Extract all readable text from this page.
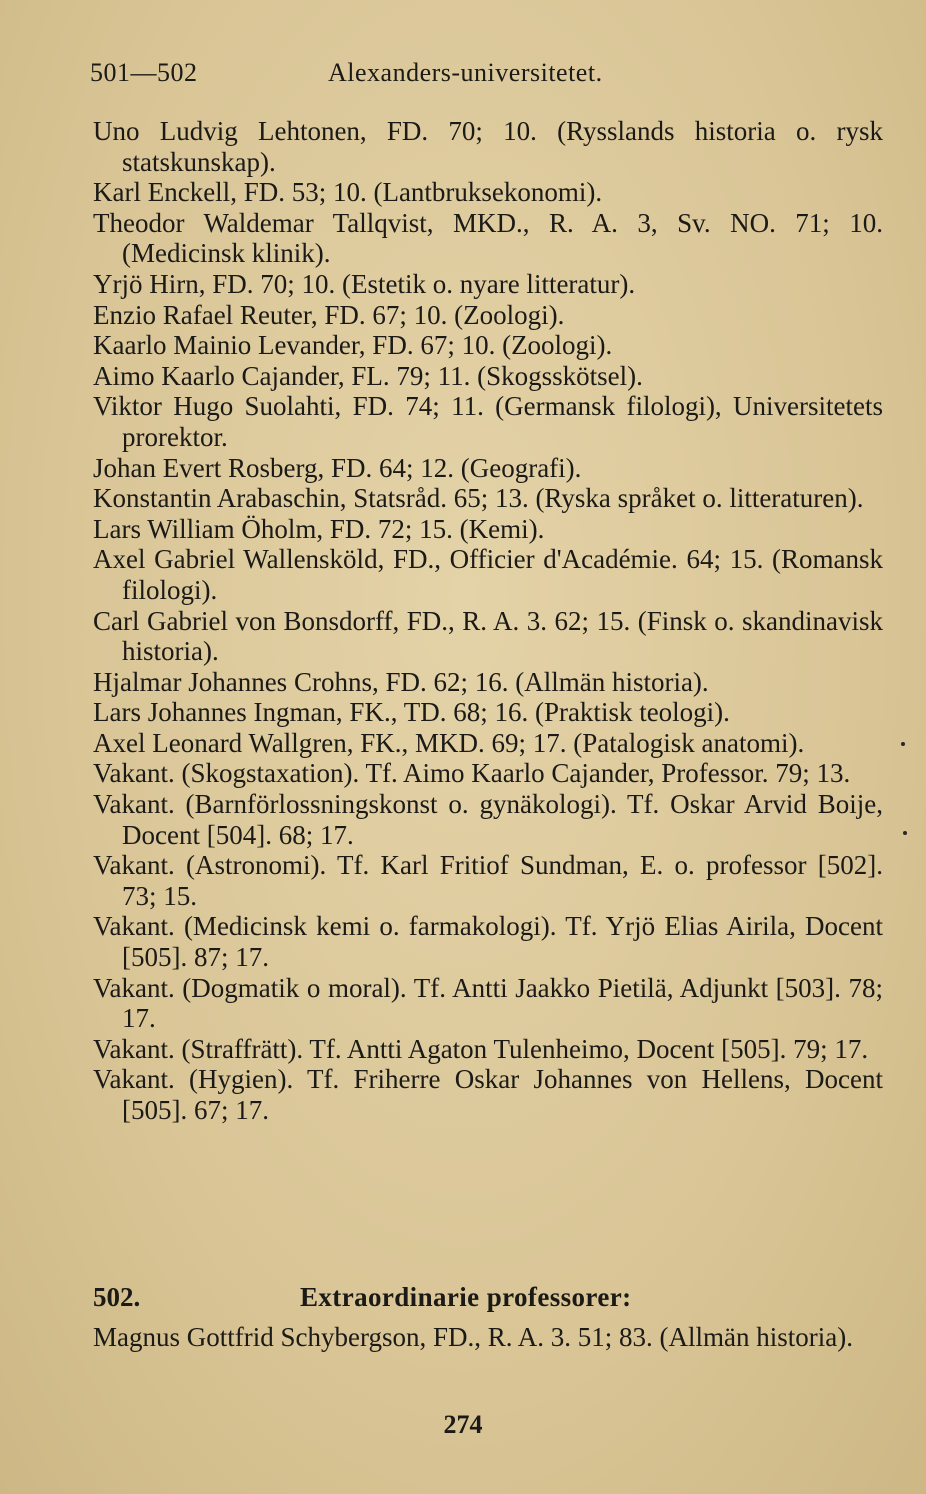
501—502	Alexanders-universitetet.

Uno Ludvig Lehtonen, FD. 70; 10. (Rysslands historia o. rysk statskunskap).

Karl Enckell, FD. 53; 10. (Lantbruksekonomi).

Theodor Waldemar Tallqvist, MKD., R. A. 3, Sv. NO. 71; 10. (Medicinsk klinik).

Yrjö Hirn, FD. 70; 10. (Estetik o. nyare litteratur).

Enzio Rafael Reuter, FD. 67; 10. (Zoologi).

Kaarlo Mainio Levander, FD. 67; 10. (Zoologi).

Aimo Kaarlo Cajander, FL. 79; 11. (Skogsskötsel).

Viktor Hugo Suolahti, FD. 74; 11. (Germansk filologi), Universitetets prorektor.

Johan Evert Rosberg, FD. 64; 12. (Geografi).

Konstantin Arabaschin, Statsråd. 65; 13. (Ryska språket o. litteraturen).

Lars William Öholm, FD. 72; 15. (Kemi).

Axel Gabriel Wallensköld, FD., Officier d'Académie. 64; 15. (Romansk filologi).

Carl Gabriel von Bonsdorff, FD., R. A. 3. 62; 15. (Finsk o. skandinavisk historia).

Hjalmar Johannes Crohns, FD. 62; 16. (Allmän historia).

Lars Johannes Ingman, FK., TD. 68; 16. (Praktisk teologi).

Axel Leonard Wallgren, FK., MKD. 69; 17. (Patalogisk anatomi).

Vakant. (Skogstaxation). Tf. Aimo Kaarlo Cajander, Professor. 79; 13.

Vakant. (Barnförlossningskonst o. gynäkologi). Tf. Oskar Arvid Boije, Docent [504]. 68; 17.

Vakant. (Astronomi). Tf. Karl Fritiof Sundman, E. o. professor [502]. 73; 15.

Vakant. (Medicinsk kemi o. farmakologi). Tf. Yrjö Elias Airila, Docent [505]. 87; 17.

Vakant. (Dogmatik o moral). Tf. Antti Jaakko Pietilä, Adjunkt [503]. 78; 17.

Vakant. (Straffrätt). Tf. Antti Agaton Tulenheimo, Docent [505]. 79; 17.

Vakant. (Hygien). Tf. Friherre Oskar Johannes von Hellens, Docent [505]. 67; 17.

502.	Extraordinarie professorer:

Magnus Gottfrid Schybergson, FD., R. A. 3. 51; 83. (Allmän historia).

274
